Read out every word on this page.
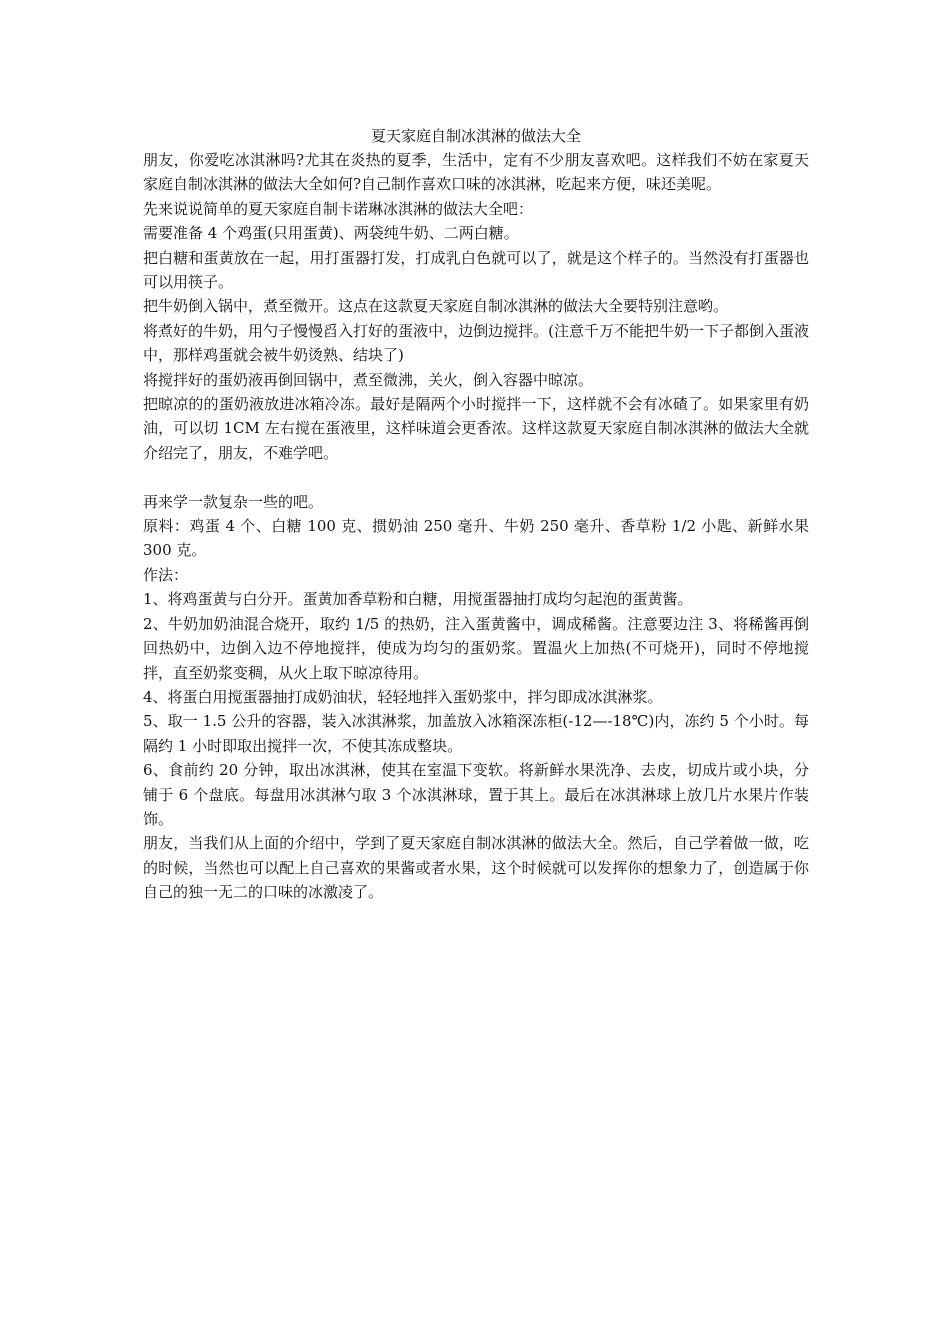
夏天家庭自制冰淇淋的做法大全

朋友，你爱吃冰淇淋吗?尤其在炎热的夏季，生活中，定有不少朋友喜欢吧。这样我们不妨在家夏天家庭自制冰淇淋的做法大全如何?自己制作喜欢口味的冰淇淋，吃起来方便，味还美呢。

先来说说简单的夏天家庭自制卡诺琳冰淇淋的做法大全吧：

需要准备 4 个鸡蛋(只用蛋黄)、两袋纯牛奶、二两白糖。

把白糖和蛋黄放在一起，用打蛋器打发，打成乳白色就可以了，就是这个样子的。当然没有打蛋器也可以用筷子。

把牛奶倒入锅中，煮至微开。这点在这款夏天家庭自制冰淇淋的做法大全要特别注意哟。

将煮好的牛奶，用勺子慢慢舀入打好的蛋液中，边倒边搅拌。(注意千万不能把牛奶一下子都倒入蛋液中，那样鸡蛋就会被牛奶烫熟、结块了)

将搅拌好的蛋奶液再倒回锅中，煮至微沸，关火，倒入容器中晾凉。

把晾凉的的蛋奶液放进冰箱冷冻。最好是隔两个小时搅拌一下，这样就不会有冰碴了。如果家里有奶油，可以切 1CM 左右搅在蛋液里，这样味道会更香浓。这样这款夏天家庭自制冰淇淋的做法大全就介绍完了，朋友，不难学吧。

再来学一款复杂一些的吧。

原料：鸡蛋 4 个、白糖 100 克、掼奶油 250 毫升、牛奶 250 毫升、香草粉 1/2 小匙、新鲜水果 300 克。

作法：

1、将鸡蛋黄与白分开。蛋黄加香草粉和白糖，用搅蛋器抽打成均匀起泡的蛋黄酱。

2、牛奶加奶油混合烧开，取约 1/5 的热奶，注入蛋黄酱中，调成稀酱。注意要边注 3、将稀酱再倒回热奶中，边倒入边不停地搅拌，使成为均匀的蛋奶浆。置温火上加热(不可烧开)，同时不停地搅拌，直至奶浆变稠，从火上取下晾凉待用。

4、将蛋白用搅蛋器抽打成奶油状，轻轻地拌入蛋奶浆中，拌匀即成冰淇淋浆。

5、取一 1.5 公升的容器，装入冰淇淋浆，加盖放入冰箱深冻柜(-12—-18℃)内，冻约 5 个小时。每隔约 1 小时即取出搅拌一次，不使其冻成整块。

6、食前约 20 分钟，取出冰淇淋，使其在室温下变软。将新鲜水果洗净、去皮，切成片或小块，分铺于 6 个盘底。每盘用冰淇淋勺取 3 个冰淇淋球，置于其上。最后在冰淇淋球上放几片水果片作装饰。

朋友，当我们从上面的介绍中，学到了夏天家庭自制冰淇淋的做法大全。然后，自己学着做一做，吃的时候，当然也可以配上自己喜欢的果酱或者水果，这个时候就可以发挥你的想象力了，创造属于你自己的独一无二的口味的冰激凌了。
